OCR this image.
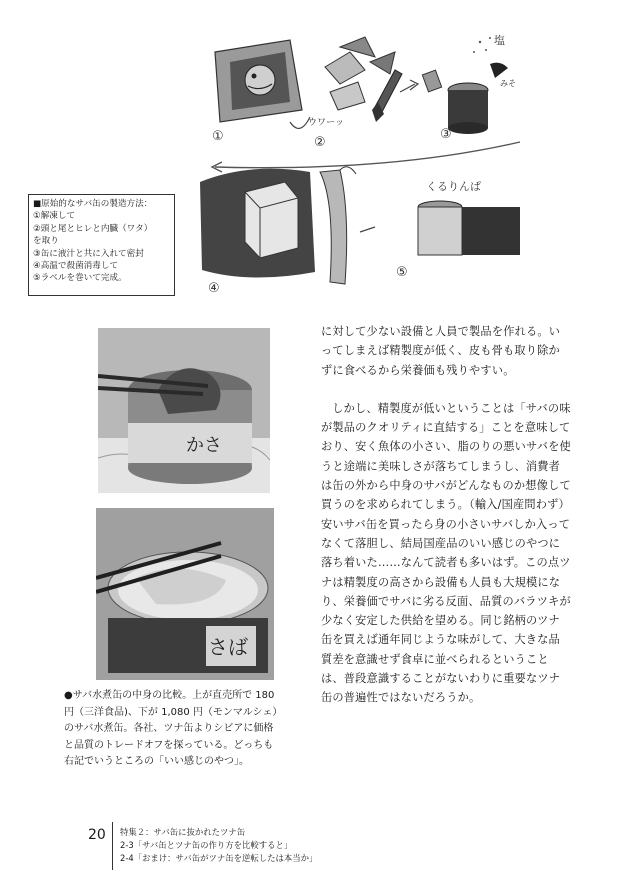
①
ウワーッ
②
塩
みそ
③
④
くるりんぱ
⑤
■原始的なサバ缶の製造方法：
①解凍して
②頭と尾とヒレと内臓（ワタ）
を取り
③缶に液汁と共に入れて密封
④高温で殺菌消毒して
⑤ラベルを巻いて完成。
かさ
さば
●サバ水煮缶の中身の比較。上が直売所で 180 円（三洋食品)、下が 1,080 円（モンマルシェ）のサバ水煮缶。各社、ツナ缶よりシビアに価格と品質のトレードオフを探っている。どっちも右記でいうところの「いい感じのやつ」。

に対して少ない設備と人員で製品を作れる。いってしまえば精製度が低く、皮も骨も取り除かずに食べるから栄養価も残りやすい。

しかし、精製度が低いということは「サバの味が製品のクオリティに直結する」ことを意味しており、安く魚体の小さい、脂のりの悪いサバを使うと途端に美味しさが落ちてしまうし、消費者は缶の外から中身のサバがどんなものか想像して買うのを求められてしまう。（輸入/国産問わず）安いサバ缶を買ったら身の小さいサバしか入ってなくて落胆し、結局国産品のいい感じのやつに落ち着いた……なんて読者も多いはず。この点ツナは精製度の高さから設備も人員も大規模になり、栄養価でサバに劣る反面、品質のバラツキが少なく安定した供給を望める。同じ銘柄のツナ缶を買えば通年同じような味がして、大きな品質差を意識せず食卓に並べられるということは、普段意識することがないわりに重要なツナ缶の普遍性ではないだろうか。

20 特集２：サバ缶に抜かれたツナ缶
2-3「サバ缶とツナ缶の作り方を比較すると」
2-4「おまけ：サバ缶がツナ缶を逆転したは本当か」
